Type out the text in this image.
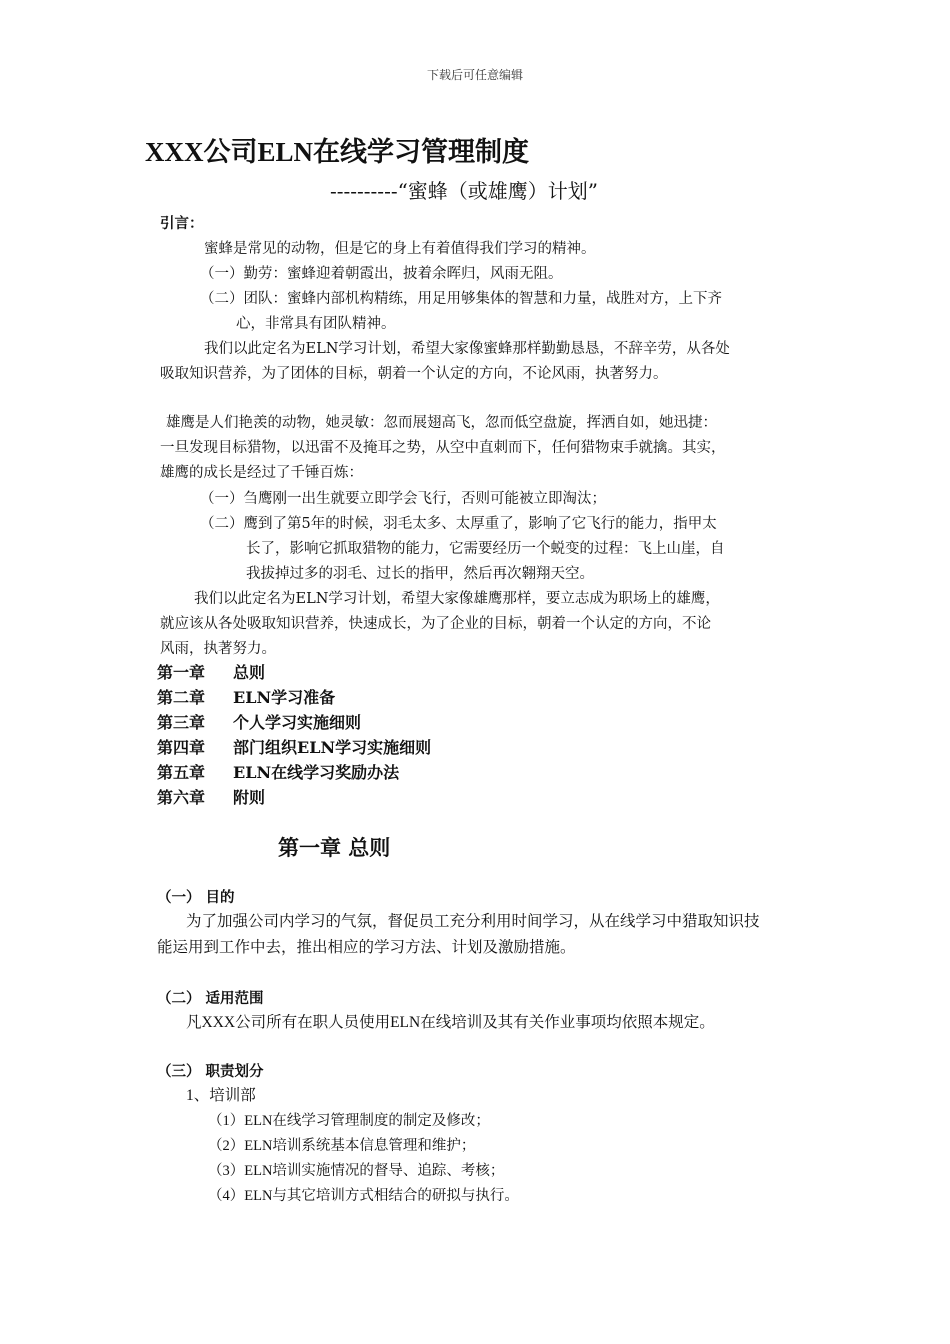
下载后可任意编辑
XXX公司ELN在线学习管理制度
----------“蜜蜂（或雄鹰）计划”
引言：
蜜蜂是常见的动物，但是它的身上有着值得我们学习的精神。
（一）勤劳：蜜蜂迎着朝霞出，披着余晖归，风雨无阻。
（二）团队：蜜蜂内部机构精练，用足用够集体的智慧和力量，战胜对方，上下齐
心，非常具有团队精神。
我们以此定名为ELN学习计划，希望大家像蜜蜂那样勤勤恳恳，不辞辛劳，从各处
吸取知识营养，为了团体的目标，朝着一个认定的方向，不论风雨，执著努力。
雄鹰是人们艳羡的动物，她灵敏：忽而展翅高飞，忽而低空盘旋，挥洒自如，她迅捷：
一旦发现目标猎物，以迅雷不及掩耳之势，从空中直刺而下，任何猎物束手就擒。其实，
雄鹰的成长是经过了千锤百炼：
（一）刍鹰刚一出生就要立即学会飞行，否则可能被立即淘汰；
（二）鹰到了第5年的时候，羽毛太多、太厚重了，影响了它飞行的能力，指甲太
长了，影响它抓取猎物的能力，它需要经历一个蜕变的过程：飞上山崖，自
我拔掉过多的羽毛、过长的指甲，然后再次翱翔天空。
我们以此定名为ELN学习计划，希望大家像雄鹰那样，要立志成为职场上的雄鹰，
就应该从各处吸取知识营养，快速成长，为了企业的目标，朝着一个认定的方向，不论
风雨，执著努力。
第一章 总则
第二章 ELN学习准备
第三章 个人学习实施细则
第四章 部门组织ELN学习实施细则
第五章 ELN在线学习奖励办法
第六章 附则
第一章 总则
（一） 目的
为了加强公司内学习的气氛，督促员工充分利用时间学习，从在线学习中猎取知识技
能运用到工作中去，推出相应的学习方法、计划及激励措施。
（二） 适用范围
凡XXX公司所有在职人员使用ELN在线培训及其有关作业事项均依照本规定。
（三） 职责划分
1、培训部
（1）ELN在线学习管理制度的制定及修改；
（2）ELN培训系统基本信息管理和维护；
（3）ELN培训实施情况的督导、追踪、考核；
（4）ELN与其它培训方式相结合的研拟与执行。
